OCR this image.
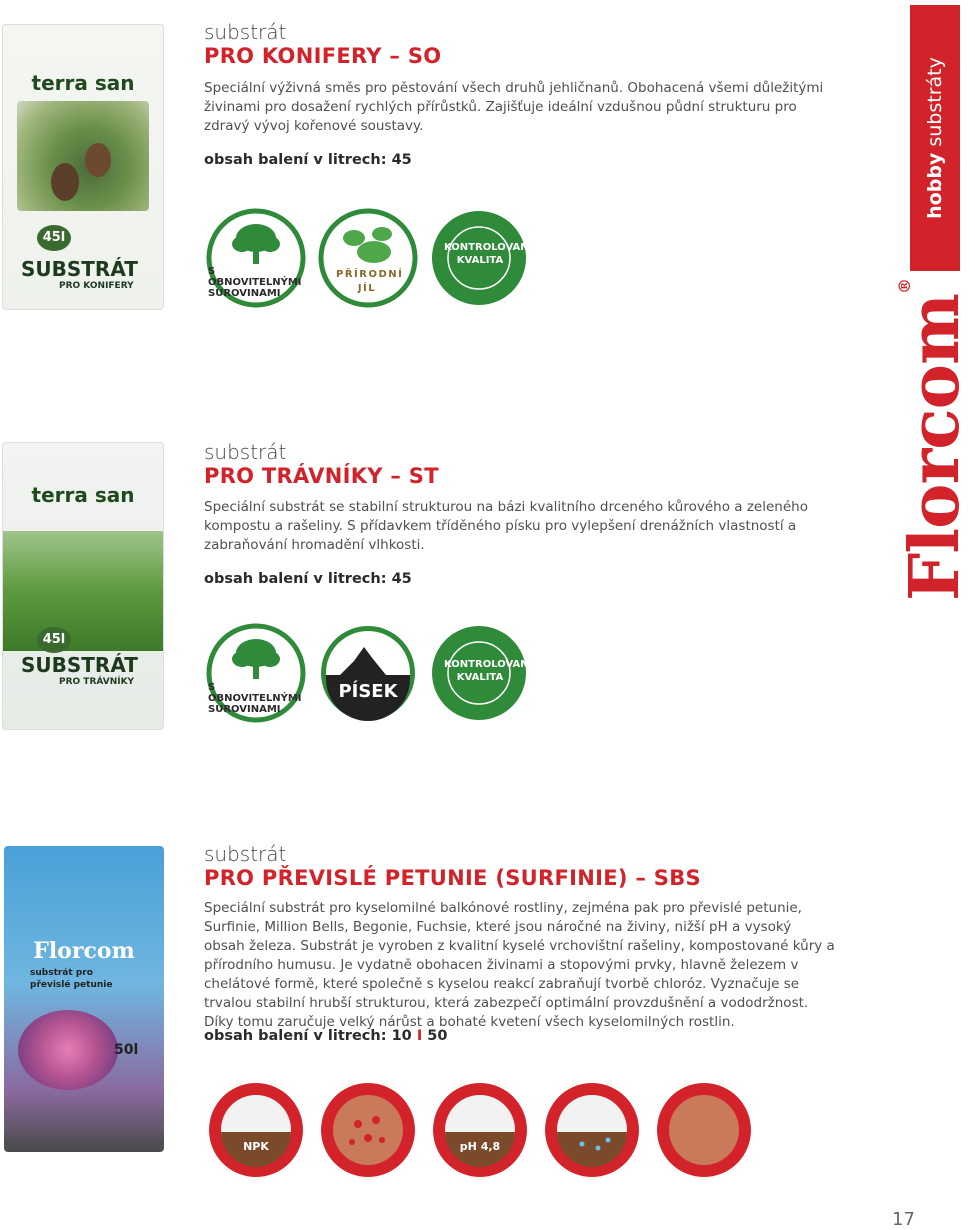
hobby substráty
Florcom®
terra san
45l
SUBSTRÁT
PRO KONIFERY
substrát
PRO KONIFERY – SO
Speciální výživná směs pro pěstování všech druhů jehličnanů. Obohacená všemi důležitými živinami pro dosažení rychlých přírůstků. Zajišťuje ideální vzdušnou půdní strukturu pro zdravý vývoj kořenové soustavy.
obsah balení v litrech: 45
S OBNOVITELNÝMI SUROVINAMI
PŘÍRODNÍ JÍL
KONTROLOVANÁ KVALITA
terra san
45l
SUBSTRÁT
PRO TRÁVNÍKY
substrát
PRO TRÁVNÍKY – ST
Speciální substrát se stabilní strukturou na bázi kvalitního drceného kůrového a zeleného kompostu a rašeliny. S přídavkem tříděného písku pro vylepšení drenážních vlastností a zabraňování hromadění vlhkosti.
obsah balení v litrech: 45
S OBNOVITELNÝMI SUROVINAMI
PÍSEK
KONTROLOVANÁ KVALITA
Florcom
substrát pro
převislé petunie
50l
substrát
PRO PŘEVISLÉ PETUNIE (SURFINIE) – SBS
Speciální substrát pro kyselomilné balkónové rostliny, zejména pak pro převislé petunie, Surfinie, Million Bells, Begonie, Fuchsie, které jsou náročné na živiny, nižší pH a vysoký obsah železa. Substrát je vyroben z kvalitní kyselé vrchovištní rašeliny, kompostované kůry a přírodního humusu. Je vydatně obohacen živinami a stopovými prvky, hlavně železem v chelátové formě, které společně s kyselou reakcí zabraňují tvorbě chloróz. Vyznačuje se trvalou stabilní hrubší strukturou, která zabezpečí optimální provzdušnění a vododržnost. Díky tomu zaručuje velký nárůst a bohaté kvetení všech kyselomilných rostlin.
obsah balení v litrech: 10 I 50
NPK	pH 4,8
17
